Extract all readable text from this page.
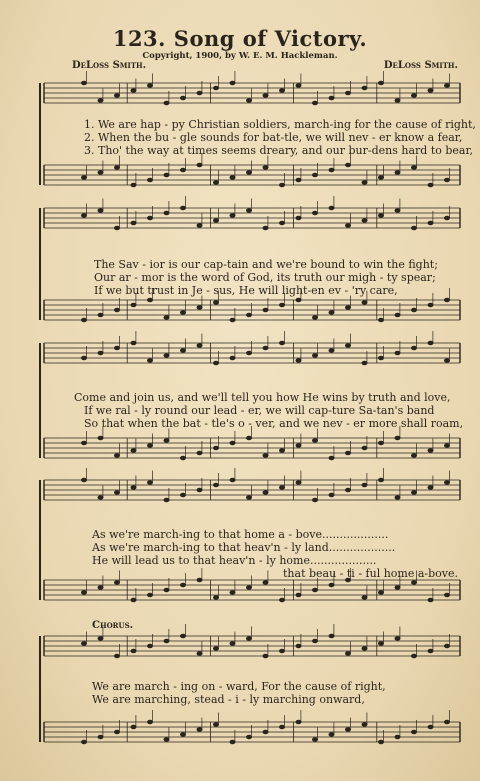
123. Song of Victory.
Copyright, 1900, by W. E. M. Hackleman.
DeLoss Smith.	DeLoss Smith.
1. We are hap - py Christian soldiers, march-ing for the cause of right,
2. When the bu - gle sounds for bat-tle, we will nev - er know a fear,
3. Tho' the way at times seems dreary, and our bur-dens hard to bear,
The Sav - ior is our cap-tain and we're bound to win the fight;
Our ar - mor is the word of God, its truth our migh - ty spear;
If we but trust in Je - sus, He will light-en ev - 'ry care,
Come and join us, and we'll tell you how He wins by truth and love,
If we ral - ly round our lead - er, we will cap-ture Sa-tan's band
So that when the bat - tle's o - ver, and we nev - er more shall roam,
As we're march-ing to that home a - bove...................
As we're march-ing to that heav'n - ly land...................
He will lead us to that heav'n - ly home...................
that beau - ti - ful home a-bove.
Chorus.
We are march - ing on - ward, For the cause of right,
We are marching, stead - i - ly marching onward,
